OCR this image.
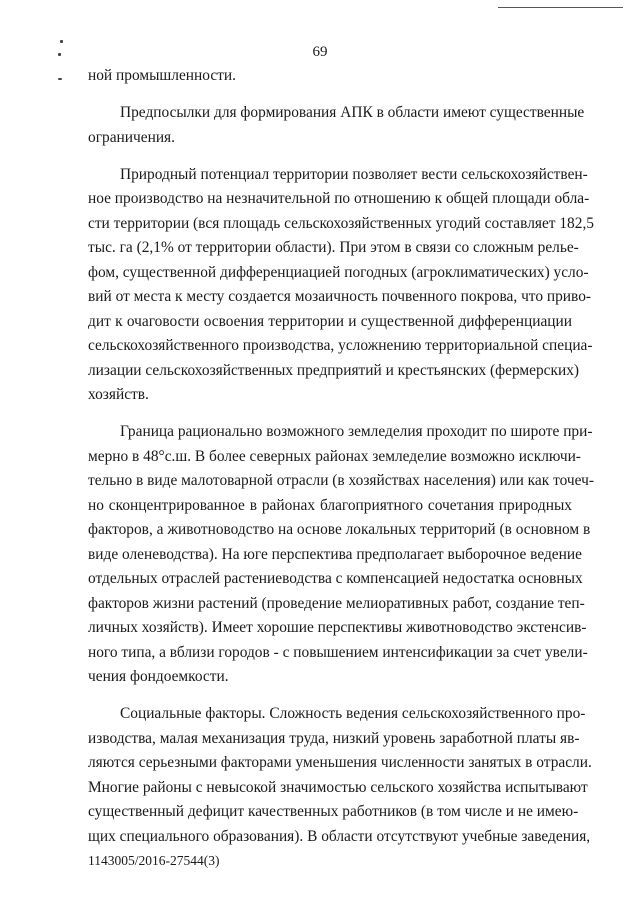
69
ной промышленности.
Предпосылки для формирования АПК в области имеют существенные
ограничения.
Природный потенциал территории позволяет вести сельскохозяйствен-
ное производство на незначительной по отношению к общей площади обла-
сти территории (вся площадь сельскохозяйственных угодий составляет 182,5
тыс. га (2,1% от территории области). При этом в связи со сложным релье-
фом, существенной дифференциацией погодных (агроклиматических) усло-
вий от места к месту создается мозаичность почвенного покрова, что приво-
дит к очаговости освоения территории и существенной дифференциации
сельскохозяйственного производства, усложнению территориальной специа-
лизации сельскохозяйственных предприятий и крестьянских (фермерских)
хозяйств.
Граница рационально возможного земледелия проходит по широте при-
мерно в 48°с.ш. В более северных районах земледелие возможно исключи-
тельно в виде малотоварной отрасли (в хозяйствах населения) или как точеч-
но сконцентрированное в районах благоприятного сочетания природных
факторов, а животноводство на основе локальных территорий (в основном в
виде оленеводства). На юге перспектива предполагает выборочное ведение
отдельных отраслей растениеводства с компенсацией недостатка основных
факторов жизни растений (проведение мелиоративных работ, создание теп-
личных хозяйств). Имеет хорошие перспективы животноводство экстенсив-
ного типа, а вблизи городов - с повышением интенсификации за счет увели-
чения фондоемкости.
Социальные факторы. Сложность ведения сельскохозяйственного про-
изводства, малая механизация труда, низкий уровень заработной платы яв-
ляются серьезными факторами уменьшения численности занятых в отрасли.
Многие районы с невысокой значимостью сельского хозяйства испытывают
существенный дефицит качественных работников (в том числе и не имею-
щих специального образования). В области отсутствуют учебные заведения,
1143005/2016-27544(3)
